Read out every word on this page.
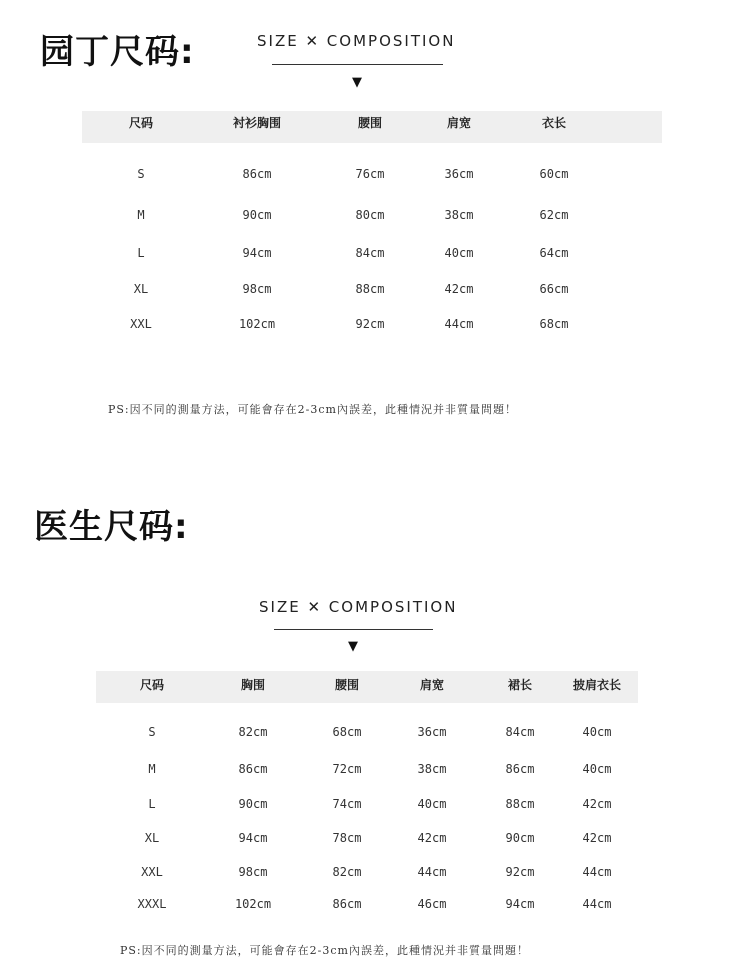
园丁尺码:	SIZE ✕ COMPOSITION
▼
尺码	衬衫胸围	腰围	肩宽	衣长
S	86cm	76cm	36cm	60cm
M	90cm	80cm	38cm	62cm
L	94cm	84cm	40cm	64cm
XL	98cm	88cm	42cm	66cm
XXL	102cm	92cm	44cm	68cm
PS:因不同的測量方法，可能會存在2-3cm內誤差，此種情況并非質量問題！
医生尺码:
SIZE ✕ COMPOSITION
▼
尺码	胸围	腰围	肩宽	裙长	披肩衣长
S	82cm	68cm	36cm	84cm	40cm
M	86cm	72cm	38cm	86cm	40cm
L	90cm	74cm	40cm	88cm	42cm
XL	94cm	78cm	42cm	90cm	42cm
XXL	98cm	82cm	44cm	92cm	44cm
XXXL	102cm	86cm	46cm	94cm	44cm
PS:因不同的測量方法，可能會存在2-3cm內誤差，此種情況并非質量問題！
